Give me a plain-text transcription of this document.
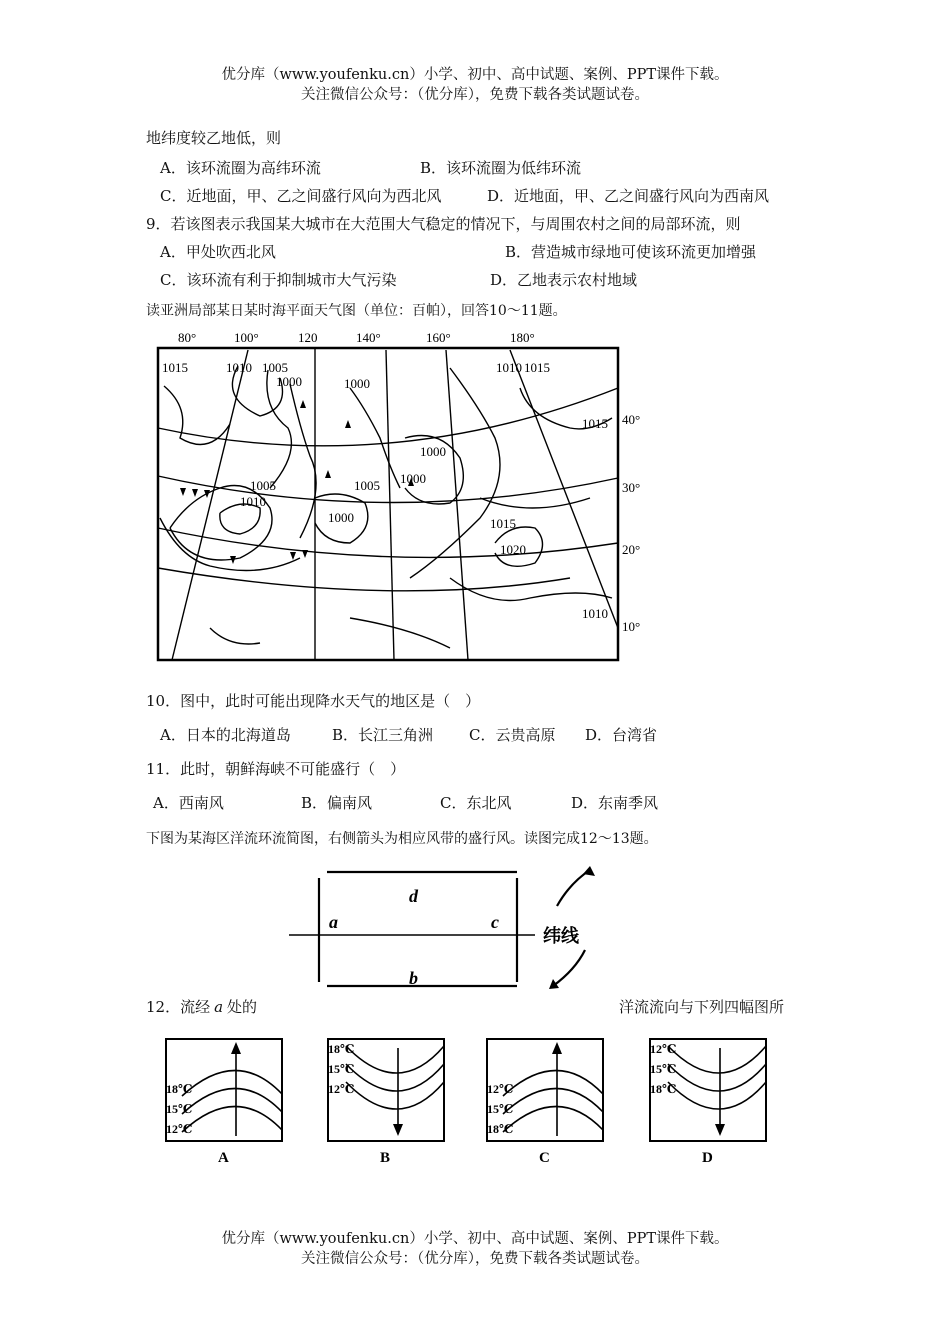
优分库（www.youfenku.cn）小学、初中、高中试题、案例、PPT课件下载。
关注微信公众号：（优分库），免费下载各类试题试卷。
地纬度较乙地低，则
A．该环流圈为高纬环流	B．该环流圈为低纬环流
C．近地面，甲、乙之间盛行风向为西北风	D．近地面，甲、乙之间盛行风向为西南风
9．若该图表示我国某大城市在大范围大气稳定的情况下，与周围农村之间的局部环流，则
A．甲处吹西北风	B．营造城市绿地可使该环流更加增强
C．该环流有利于抑制城市大气污染	D．乙地表示农村地域
读亚洲局部某日某时海平面天气图（单位：百帕），回答10～11题。
80°	100°	120	140°	160°	180°
40°
30°
20°
10°
1015	1010 1005
1000	1000
1005
1010
1000
1005 1000
1000
1010 1015
1015
1015
1020
1010
10．图中，此时可能出现降水天气的地区是（　）
A．日本的北海道岛	B．长江三角洲 C．云贵高原 D．台湾省
11．此时，朝鲜海峡不可能盛行（　）
A．西南风	B．偏南风	C．东北风	D．东南季风
下图为某海区洋流环流简图，右侧箭头为相应风带的盛行风。读图完成12～13题。
d
a	c
b
纬线
12．流经 a 处的	洋流流向与下列四幅图所
18℃
15℃
12℃
A
18℃
15℃
12℃
B
12℃
15℃
18℃
C
12℃
15℃
18℃
D
优分库（www.youfenku.cn）小学、初中、高中试题、案例、PPT课件下载。
关注微信公众号：（优分库），免费下载各类试题试卷。
